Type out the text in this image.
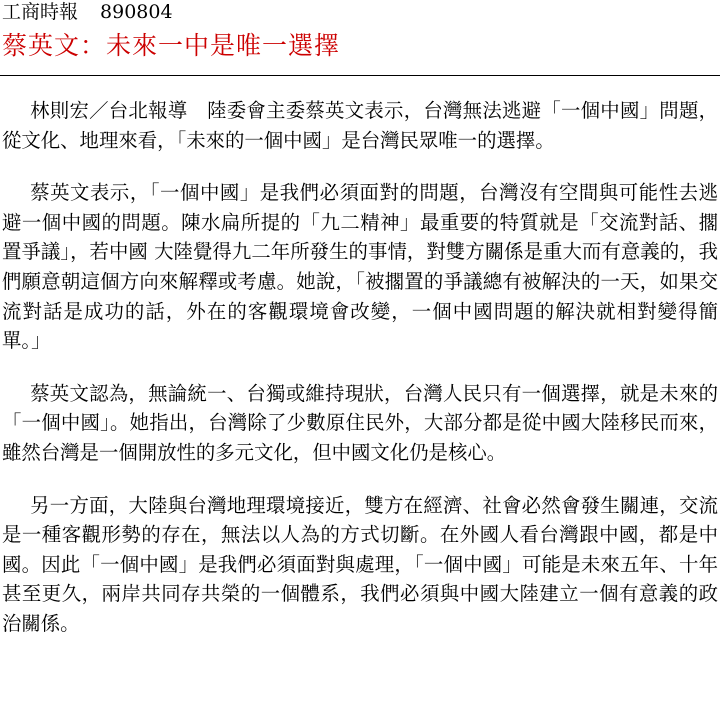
工商時報 890804
蔡英文：未來一中是唯一選擇

林則宏／台北報導　陸委會主委蔡英文表示，台灣無法逃避「一個中國」問題，從文化、地理來看，「未來的一個中國」是台灣民眾唯一的選擇。

蔡英文表示，「一個中國」是我們必須面對的問題，台灣沒有空間與可能性去逃避一個中國的問題。陳水扁所提的「九二精神」最重要的特質就是「交流對話、擱置爭議」，若中國 大陸覺得九二年所發生的事情，對雙方關係是重大而有意義的，我們願意朝這個方向來解釋或考慮。她說，「被擱置的爭議總有被解決的一天，如果交流對話是成功的話，外在的客觀環境會改變，一個中國問題的解決就相對變得簡單。」

蔡英文認為，無論統一、台獨或維持現狀，台灣人民只有一個選擇，就是未來的「一個中國」。她指出，台灣除了少數原住民外，大部分都是從中國大陸移民而來，雖然台灣是一個開放性的多元文化，但中國文化仍是核心。

另一方面，大陸與台灣地理環境接近，雙方在經濟、社會必然會發生關連，交流是一種客觀形勢的存在，無法以人為的方式切斷。在外國人看台灣跟中國，都是中國。因此「一個中國」是我們必須面對與處理，「一個中國」可能是未來五年、十年甚至更久，兩岸共同存共榮的一個體系，我們必須與中國大陸建立一個有意義的政治關係。
